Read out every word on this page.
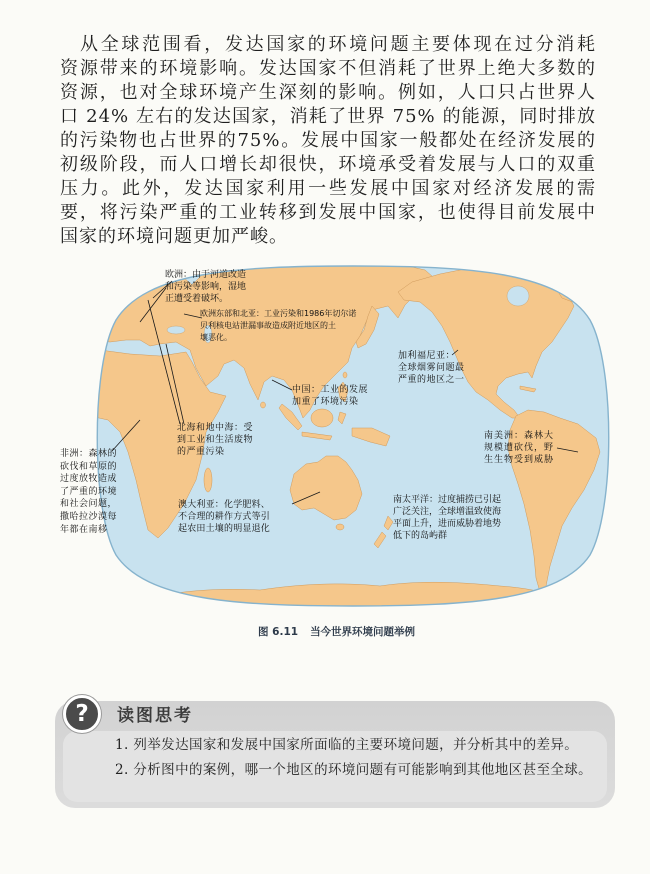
从全球范围看，发达国家的环境问题主要体现在过分消耗
资源带来的环境影响。发达国家不但消耗了世界上绝大多数的
资源，也对全球环境产生深刻的影响。例如，人口只占世界人
口 24% 左右的发达国家，消耗了世界 75% 的能源，同时排放
的污染物也占世界的75%。发展中国家一般都处在经济发展的
初级阶段，而人口增长却很快，环境承受着发展与人口的双重
压力。此外，发达国家利用一些发展中国家对经济发展的需
要，将污染严重的工业转移到发展中国家，也使得目前发展中
国家的环境问题更加严峻。
欧洲：由于河道改造
和污染等影响，湿地
正遭受着破坏。
欧洲东部和北亚：工业污染和1986年切尔诺
贝利核电站泄漏事故造成附近地区的土
壤恶化。
加利福尼亚：
全球烟雾问题最
严重的地区之一
中国：工业的发展
加重了环境污染
北海和地中海：受
到工业和生活废物
的严重污染
非洲：森林的
砍伐和草原的
过度放牧造成
了严重的环境
和社会问题，
撒哈拉沙漠每
年都在南移
南美洲：森林大
规模遭砍伐，野
生生物受到威胁
澳大利亚：化学肥料、
不合理的耕作方式等引
起农田土壤的明显退化
南太平洋：过度捕捞已引起
广泛关注，全球增温致使海
平面上升，进而威胁着地势
低下的岛屿群
图 6.11 当今世界环境问题举例
?	读图思考
1. 列举发达国家和发展中国家所面临的主要环境问题，并分析其中的差异。
2. 分析图中的案例，哪一个地区的环境问题有可能影响到其他地区甚至全球。
